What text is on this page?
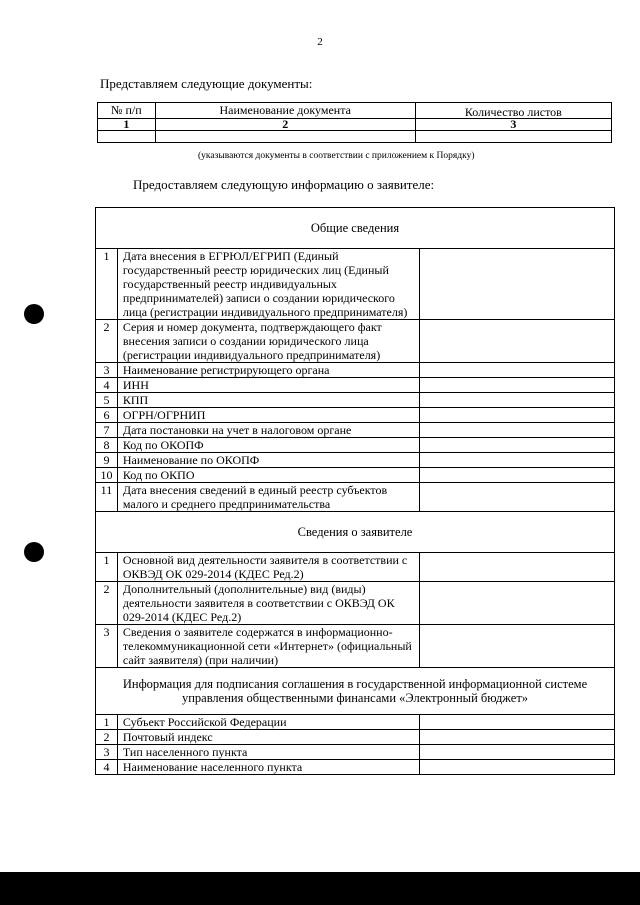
2
Представляем следующие документы:
№ п/п	Наименование документа	Количество листов
1	2	3

(указываются документы в соответствии с приложением к Порядку)
Предоставляем следующую информацию о заявителе:
Общие сведения		
1	Дата внесения в ЕГРЮЛ/ЕГРИП (Единый государственный реестр юридических лиц (Единый государственный реестр индивидуальных предпринимателей) записи о создании юридического лица (регистрации индивидуального предпринимателя)	
2	Серия и номер документа, подтверждающего факт внесения записи о создании юридического лица (регистрации индивидуального предпринимателя)	
3	Наименование регистрирующего органа	
4	ИНН	
5	КПП	
6	ОГРН/ОГРНИП	
7	Дата постановки на учет в налоговом органе	
8	Код по ОКОПФ	
9	Наименование по ОКОПФ	
10	Код по ОКПО	
11	Дата внесения сведений в единый реестр субъектов малого и среднего предпринимательства	
Сведения о заявителе		
1	Основной вид деятельности заявителя в соответствии с ОКВЭД ОК 029-2014 (КДЕС Ред.2)	
2	Дополнительный (дополнительные) вид (виды) деятельности заявителя в соответствии с ОКВЭД ОК 029-2014 (КДЕС Ред.2)	
3	Сведения о заявителе содержатся в информационно-телекоммуникационной сети «Интернет» (официальный сайт заявителя) (при наличии)	
Информация для подписания соглашения в государственной информационной системе управления общественными финансами «Электронный бюджет»		
1	Субъект Российской Федерации	
2	Почтовый индекс	
3	Тип населенного пункта	
4	Наименование населенного пункта	
